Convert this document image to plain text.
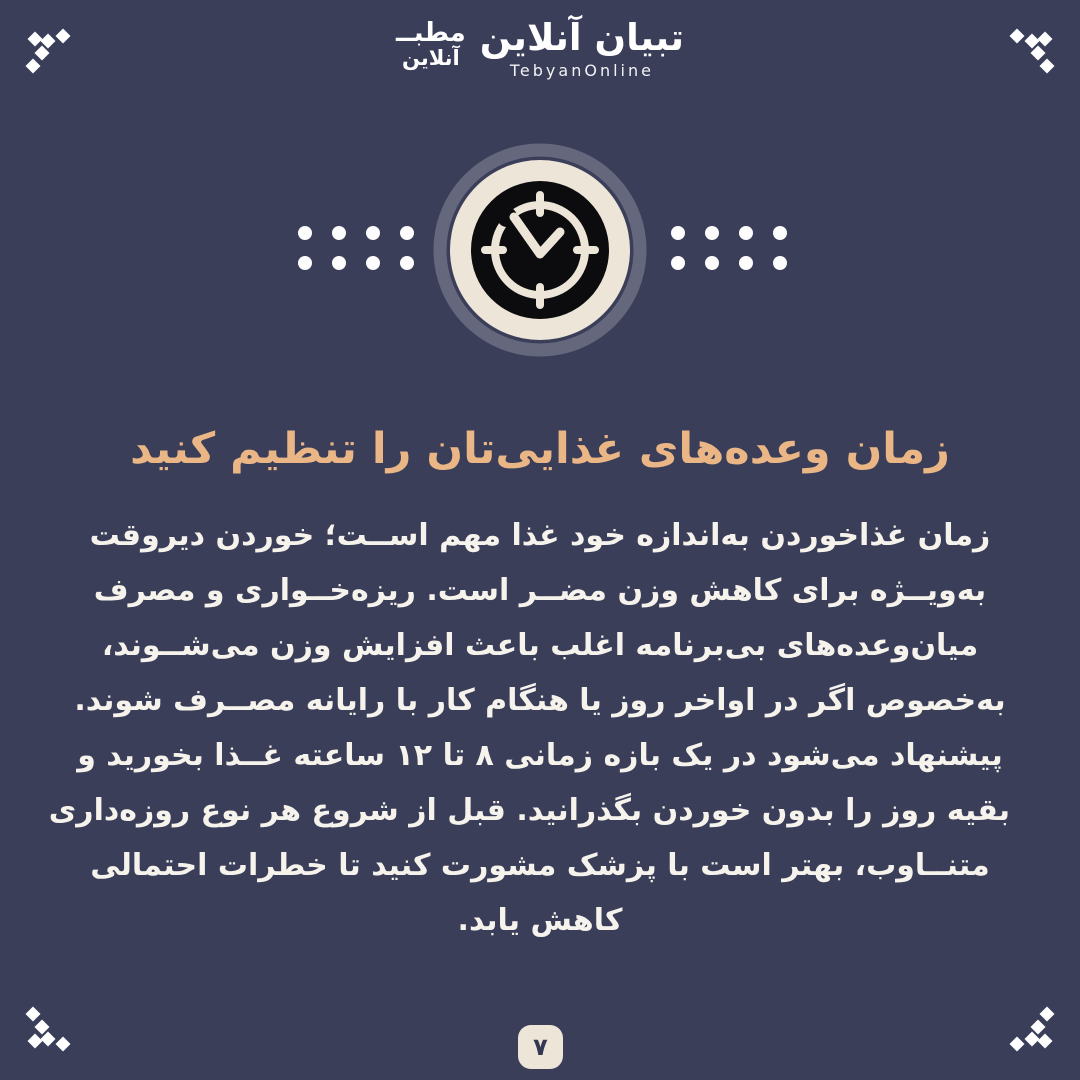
تبیان آنلاین
TebyanOnline
مطبــ
آنلاین
زمان وعده‌های غذایی‌تان را تنظیم کنید
زمان غذاخوردن به‌اندازه خود غذا مهم اســت؛ خوردن دیروقت
به‌ویــژه برای کاهش وزن مضــر است. ریزه‌خــواری و مصرف
میان‌وعده‌های بی‌برنامه اغلب باعث افزایش وزن می‌شــوند،
به‌خصوص اگر در اواخر روز یا هنگام کار با رایانه مصــرف شوند.
پیشنهاد می‌شود در یک بازه زمانی ۸ تا ۱۲ ساعته غــذا بخورید و
بقیه روز را بدون خوردن بگذرانید. قبل از شروع هر نوع روزه‌داری
متنــاوب، بهتر است با پزشک مشورت کنید تا خطرات احتمالی
کاهش یابد.
۷
